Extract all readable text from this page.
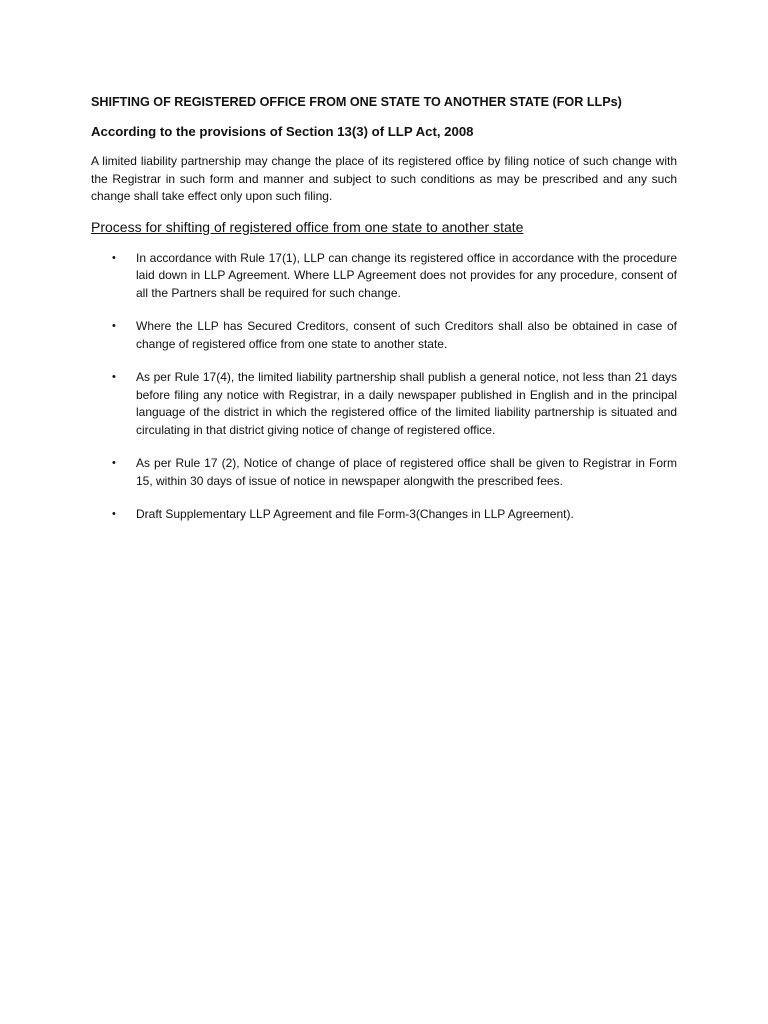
SHIFTING OF REGISTERED OFFICE FROM ONE STATE TO ANOTHER STATE (FOR LLPs)
According to the provisions of Section 13(3) of LLP Act, 2008

A limited liability partnership may change the place of its registered office by filing notice of such change with the Registrar in such form and manner and subject to such conditions as may be prescribed and any such change shall take effect only upon such filing.

Process for shifting of registered office from one state to another state
• In accordance with Rule 17(1), LLP can change its registered office in accordance with the procedure laid down in LLP Agreement. Where LLP Agreement does not provides for any procedure, consent of all the Partners shall be required for such change.
• Where the LLP has Secured Creditors, consent of such Creditors shall also be obtained in case of change of registered office from one state to another state.
• As per Rule 17(4), the limited liability partnership shall publish a general notice, not less than 21 days before filing any notice with Registrar, in a daily newspaper published in English and in the principal language of the district in which the registered office of the limited liability partnership is situated and circulating in that district giving notice of change of registered office.
• As per Rule 17 (2), Notice of change of place of registered office shall be given to Registrar in Form 15, within 30 days of issue of notice in newspaper alongwith the prescribed fees.
• Draft Supplementary LLP Agreement and file Form-3(Changes in LLP Agreement).
